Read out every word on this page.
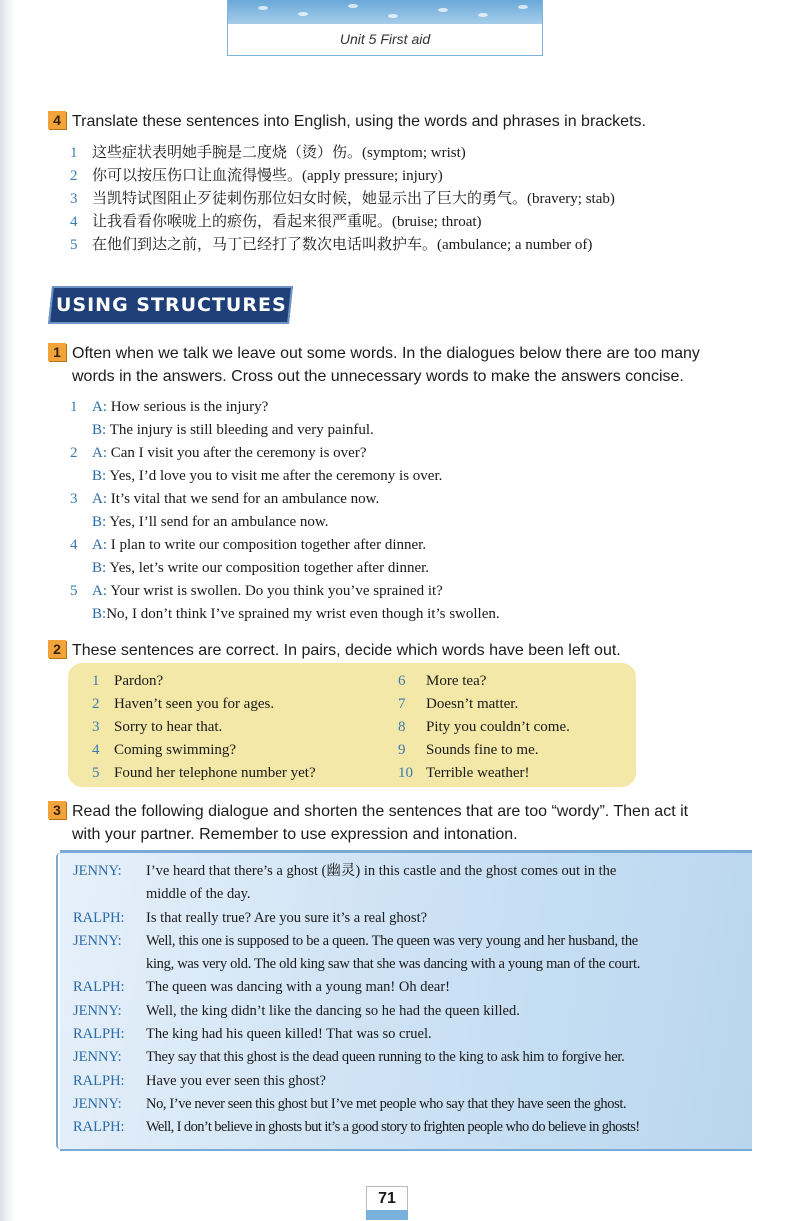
Unit 5 First aid
4 Translate these sentences into English, using the words and phrases in brackets.
1 这些症状表明她手腕是二度烧（烫）伤。(symptom; wrist)
2 你可以按压伤口让血流得慢些。(apply pressure; injury)
3 当凯特试图阻止歹徒刺伤那位妇女时候，她显示出了巨大的勇气。(bravery; stab)
4 让我看看你喉咙上的瘀伤，看起来很严重呢。(bruise; throat)
5 在他们到达之前，马丁已经打了数次电话叫救护车。(ambulance; a number of)
USING STRUCTURES
1 Often when we talk we leave out some words. In the dialogues below there are too many
words in the answers. Cross out the unnecessary words to make the answers concise.
1 A: How serious is the injury?
B: The injury is still bleeding and very painful.
2 A: Can I visit you after the ceremony is over?
B: Yes, I’d love you to visit me after the ceremony is over.
3 A: It’s vital that we send for an ambulance now.
B: Yes, I’ll send for an ambulance now.
4 A: I plan to write our composition together after dinner.
B: Yes, let’s write our composition together after dinner.
5 A: Your wrist is swollen. Do you think you’ve sprained it?
B:No, I don’t think I’ve sprained my wrist even though it’s swollen.
2 These sentences are correct. In pairs, decide which words have been left out.
1 Pardon?
2 Haven’t seen you for ages.
3 Sorry to hear that.
4 Coming swimming?
5 Found her telephone number yet?
6 More tea?
7 Doesn’t matter.
8 Pity you couldn’t come.
9 Sounds fine to me.
10 Terrible weather!
3 Read the following dialogue and shorten the sentences that are too “wordy”. Then act it
with your partner. Remember to use expression and intonation.
JENNY: I’ve heard that there’s a ghost (幽灵) in this castle and the ghost comes out in the
middle of the day.
RALPH: Is that really true? Are you sure it’s a real ghost?
JENNY: Well, this one is supposed to be a queen. The queen was very young and her husband, the
king, was very old. The old king saw that she was dancing with a young man of the court.
RALPH: The queen was dancing with a young man! Oh dear!
JENNY: Well, the king didn’t like the dancing so he had the queen killed.
RALPH: The king had his queen killed! That was so cruel.
JENNY: They say that this ghost is the dead queen running to the king to ask him to forgive her.
RALPH: Have you ever seen this ghost?
JENNY: No, I’ve never seen this ghost but I’ve met people who say that they have seen the ghost.
RALPH: Well, I don’t believe in ghosts but it’s a good story to frighten people who do believe in ghosts!
71
